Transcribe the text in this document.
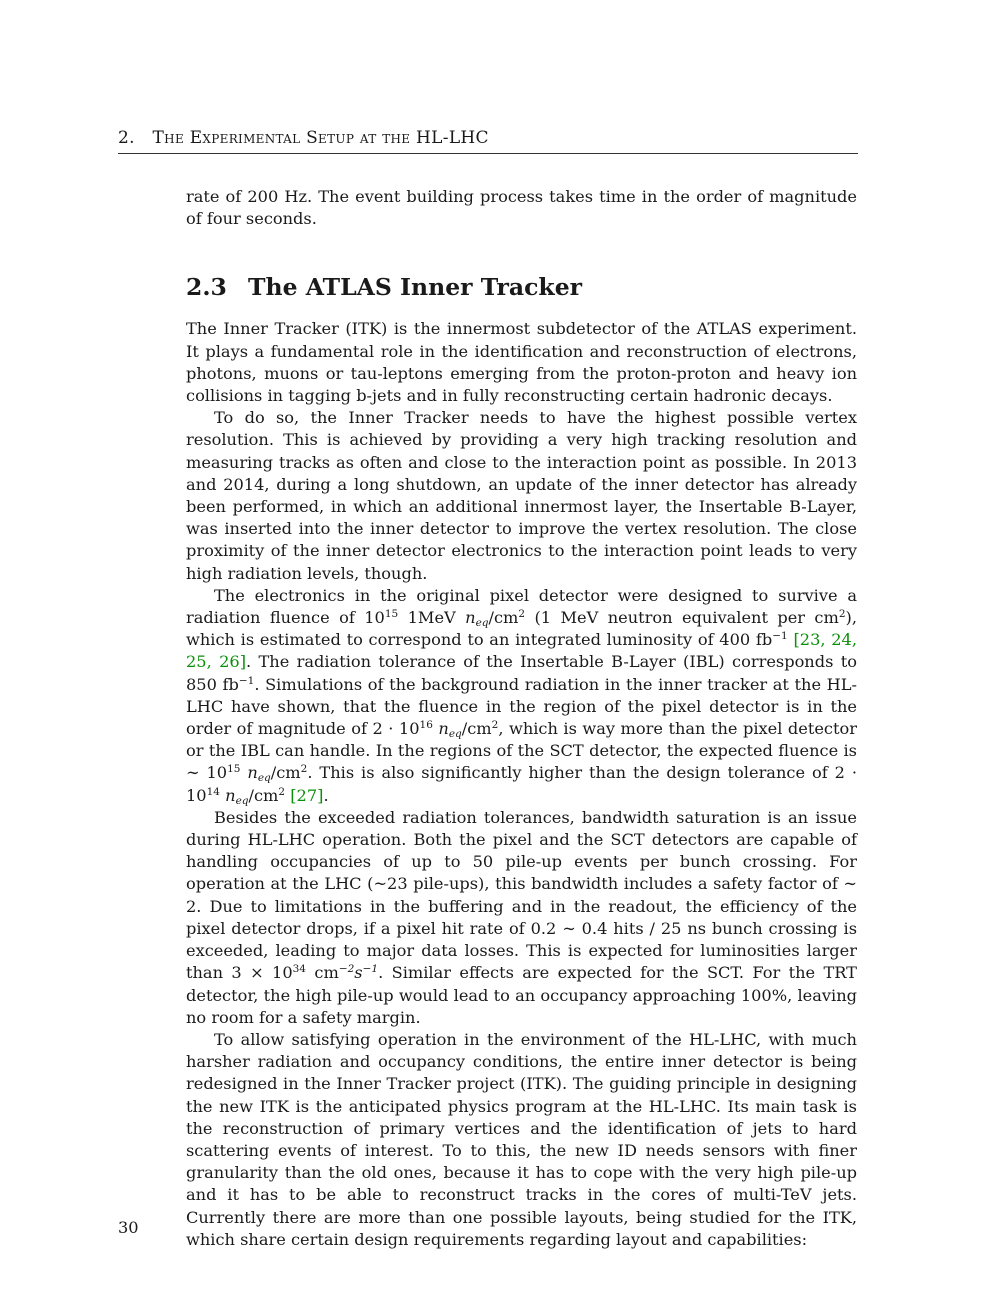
2. The Experimental Setup at the HL-LHC

rate of 200 Hz. The event building process takes time in the order of magnitude of four seconds.

2.3 The ATLAS Inner Tracker

The Inner Tracker (ITK) is the innermost subdetector of the ATLAS experiment. It plays a fundamental role in the identification and reconstruction of electrons, photons, muons or tau-leptons emerging from the proton-proton and heavy ion collisions in tagging b-jets and in fully reconstructing certain hadronic decays.

To do so, the Inner Tracker needs to have the highest possible vertex resolution. This is achieved by providing a very high tracking resolution and measuring tracks as often and close to the interaction point as possible. In 2013 and 2014, during a long shutdown, an update of the inner detector has already been performed, in which an additional innermost layer, the Insertable B-Layer, was inserted into the inner detector to improve the vertex resolution. The close proximity of the inner detector electronics to the interaction point leads to very high radiation levels, though.

The electronics in the original pixel detector were designed to survive a radiation fluence of $10^{15}$ 1MeV $n_{eq}/cm^2$ (1 MeV neutron equivalent per $cm^2$), which is estimated to correspond to an integrated luminosity of 400 $fb^{-1}$ [23, 24, 25, 26]. The radiation tolerance of the Insertable B-Layer (IBL) corresponds to 850 $fb^{-1}$. Simulations of the background radiation in the inner tracker at the HL-LHC have shown, that the fluence in the region of the pixel detector is in the order of magnitude of $2 \cdot 10^{16}$ $n_{eq}/cm^2$, which is way more than the pixel detector or the IBL can handle. In the regions of the SCT detector, the expected fluence is ∼ $10^{15}$ $n_{eq}/cm^2$. This is also significantly higher than the design tolerance of $2 \cdot 10^{14}$ $n_{eq}/cm^2$ [27].

Besides the exceeded radiation tolerances, bandwidth saturation is an issue during HL-LHC operation. Both the pixel and the SCT detectors are capable of handling occupancies of up to 50 pile-up events per bunch crossing. For operation at the LHC (~23 pile-ups), this bandwidth includes a safety factor of ∼ 2. Due to limitations in the buffering and in the readout, the efficiency of the pixel detector drops, if a pixel hit rate of 0.2 ∼ 0.4 hits / 25 ns bunch crossing is exceeded, leading to major data losses. This is expected for luminosities larger than $3 \times 10^{34}$ $cm^{-2}s^{-1}$. Similar effects are expected for the SCT. For the TRT detector, the high pile-up would lead to an occupancy approaching 100%, leaving no room for a safety margin.

To allow satisfying operation in the environment of the HL-LHC, with much harsher radiation and occupancy conditions, the entire inner detector is being redesigned in the Inner Tracker project (ITK). The guiding principle in designing the new ITK is the anticipated physics program at the HL-LHC. Its main task is the reconstruction of primary vertices and the identification of jets to hard scattering events of interest. To to this, the new ID needs sensors with finer granularity than the old ones, because it has to cope with the very high pile-up and it has to be able to reconstruct tracks in the cores of multi-TeV jets. Currently there are more than one possible layouts, being studied for the ITK, which share certain design requirements regarding layout and capabilities:

30
